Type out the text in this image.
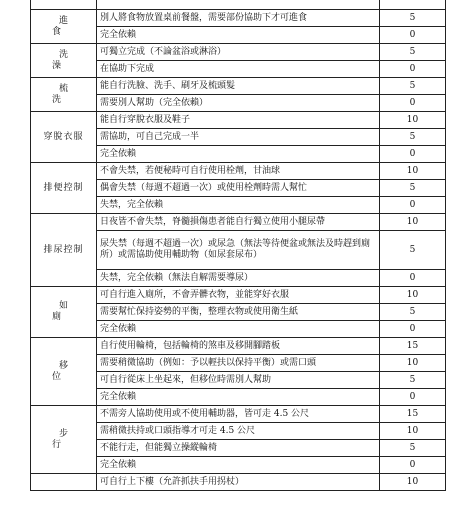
進　食	別人將食物放置桌前餐盤，需要部份協助下才可進食	5
	完全依賴	0
洗　澡	可獨立完成（不論盆浴或淋浴）	5
	在協助下完成	0
梳　洗	能自行洗臉、洗手、刷牙及梳頭髮	5
	需要別人幫助（完全依賴）	0
穿脫衣服	能自行穿脫衣服及鞋子	10
	需協助，可自己完成一半	5
	完全依賴	0
排便控制	不會失禁，若便秘時可自行使用栓劑，甘油球	10
	偶會失禁（每週不超過一次）或使用栓劑時需人幫忙	5
	失禁，完全依賴	0
排尿控制	日夜皆不會失禁，脊髓損傷患者能自行獨立使用小腿尿帶	10
	尿失禁（每週不超過一次）或尿急（無法等待便盆或無法及時趕到廁所）或需協助使用輔助物（如尿套尿布）	5
	失禁，完全依賴（無法自解需要導尿）	0
如　廁	可自行進入廁所，不會弄髒衣物，並能穿好衣服	10
	需要幫忙保持姿勢的平衡，整理衣物或使用衛生紙	5
	完全依賴	0
移　位	自行使用輪椅，包括輪椅的煞車及移開腳踏板	15
	需要稍微協助（例如：予以輕扶以保持平衡）或需口頭	10
	可自行從床上坐起來，但移位時需別人幫助	5
	完全依賴	0
步　行	不需旁人協助使用或不使用輔助器，皆可走 4.5 公尺	15
	需稍微扶持或口頭指導才可走 4.5 公尺	10
	不能行走，但能獨立操縱輪椅	5
	完全依賴	0
	可自行上下樓（允許抓扶手用拐杖）	10
